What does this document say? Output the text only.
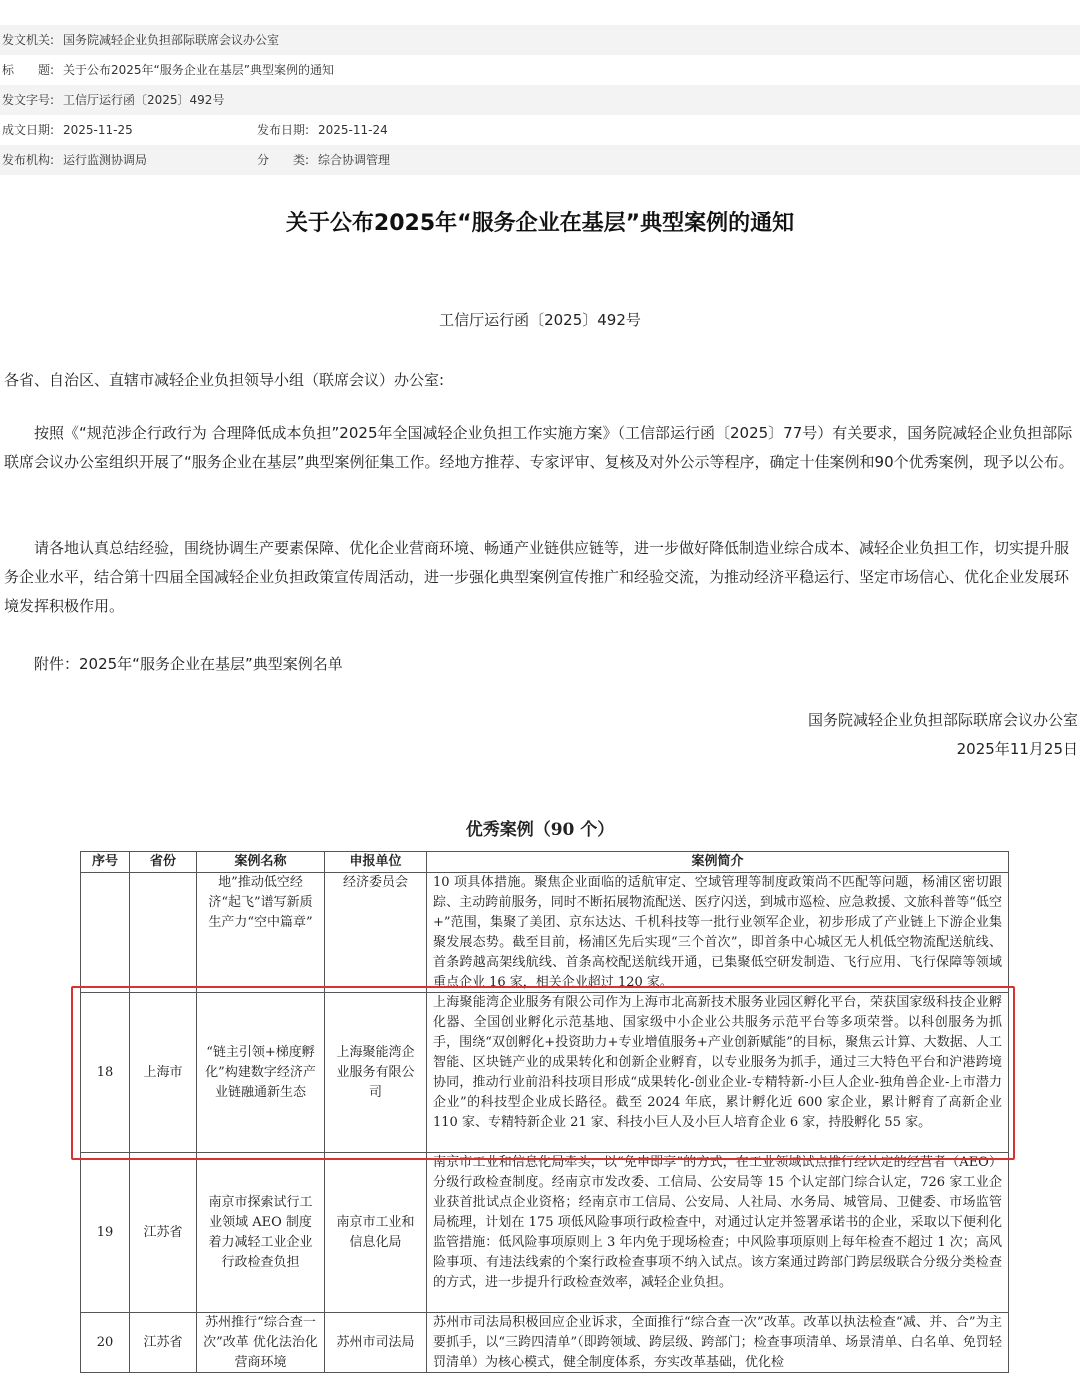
发文机关: 国务院减轻企业负担部际联席会议办公室
标　　题: 关于公布2025年“服务企业在基层”典型案例的通知
发文字号: 工信厅运行函〔2025〕492号
成文日期: 2025-11-25	发布日期: 2025-11-24
发布机构: 运行监测协调局	分　　类: 综合协调管理
关于公布2025年“服务企业在基层”典型案例的通知
工信厅运行函〔2025〕492号
各省、自治区、直辖市减轻企业负担领导小组（联席会议）办公室:
按照《“规范涉企行政行为 合理降低成本负担”2025年全国减轻企业负担工作实施方案》（工信部运行函〔2025〕77号）有关要求，国务院减轻企业负担部际联席会议办公室组织开展了“服务企业在基层”典型案例征集工作。经地方推荐、专家评审、复核及对外公示等程序，确定十佳案例和90个优秀案例，现予以公布。
请各地认真总结经验，围绕协调生产要素保障、优化企业营商环境、畅通产业链供应链等，进一步做好降低制造业综合成本、减轻企业负担工作，切实提升服务企业水平，结合第十四届全国减轻企业负担政策宣传周活动，进一步强化典型案例宣传推广和经验交流，为推动经济平稳运行、坚定市场信心、优化企业发展环境发挥积极作用。
附件：2025年“服务企业在基层”典型案例名单
国务院减轻企业负担部际联席会议办公室
2025年11月25日
优秀案例（90 个）
序号	省份	案例名称	申报单位	案例简介

		地”推动低空经济“起飞”谱写新质生产力“空中篇章”	经济委员会	10 项具体措施。聚焦企业面临的适航审定、空域管理等制度政策尚不匹配等问题，杨浦区密切跟踪、主动跨前服务，同时不断拓展物流配送、医疗闪送，到城市巡检、应急救援、文旅科普等“低空+”范围，集聚了美团、京东达达、千机科技等一批行业领军企业，初步形成了产业链上下游企业集聚发展态势。截至目前，杨浦区先后实现“三个首次”，即首条中心城区无人机低空物流配送航线、首条跨越高架线航线、首条高校配送航线开通，已集聚低空研发制造、飞行应用、飞行保障等领域重点企业 16 家，相关企业超过 120 家。

18	上海市	“链主引领+梯度孵化”构建数字经济产业链融通新生态	上海聚能湾企业服务有限公司	上海聚能湾企业服务有限公司作为上海市北高新技术服务业园区孵化平台，荣获国家级科技企业孵化器、全国创业孵化示范基地、国家级中小企业公共服务示范平台等多项荣誉。以科创服务为抓手，围绕“双创孵化+投资助力+专业增值服务+产业创新赋能”的目标，聚焦云计算、大数据、人工智能、区块链产业的成果转化和创新企业孵育，以专业服务为抓手，通过三大特色平台和沪港跨境协同，推动行业前沿科技项目形成“成果转化-创业企业-专精特新-小巨人企业-独角兽企业-上市潜力企业”的科技型企业成长路径。截至 2024 年底，累计孵化近 600 家企业，累计孵育了高新企业 110 家、专精特新企业 21 家、科技小巨人及小巨人培育企业 6 家，持股孵化 55 家。

19	江苏省	南京市探索试行工业领域 AEO 制度 着力减轻工业企业行政检查负担	南京市工业和信息化局	南京市工业和信息化局牵头，以“免申即享”的方式，在工业领域试点推行经认定的经营者（AEO）分级行政检查制度。经南京市发改委、工信局、公安局等 15 个认定部门综合认定，726 家工业企业获首批试点企业资格；经南京市工信局、公安局、人社局、水务局、城管局、卫健委、市场监管局梳理，计划在 175 项低风险事项行政检查中，对通过认定并签署承诺书的企业，采取以下便利化监管措施：低风险事项原则上 3 年内免于现场检查；中风险事项原则上每年检查不超过 1 次；高风险事项、有违法线索的个案行政检查事项不纳入试点。该方案通过跨部门跨层级联合分级分类检查的方式，进一步提升行政检查效率，减轻企业负担。

20	江苏省	苏州推行“综合查一次”改革 优化法治化营商环境	苏州市司法局	苏州市司法局积极回应企业诉求，全面推行“综合查一次”改革。改革以执法检查“减、并、合”为主要抓手，以“三跨四清单”（即跨领域、跨层级、跨部门；检查事项清单、场景清单、白名单、免罚轻罚清单）为核心模式，健全制度体系，夯实改革基础，优化检
